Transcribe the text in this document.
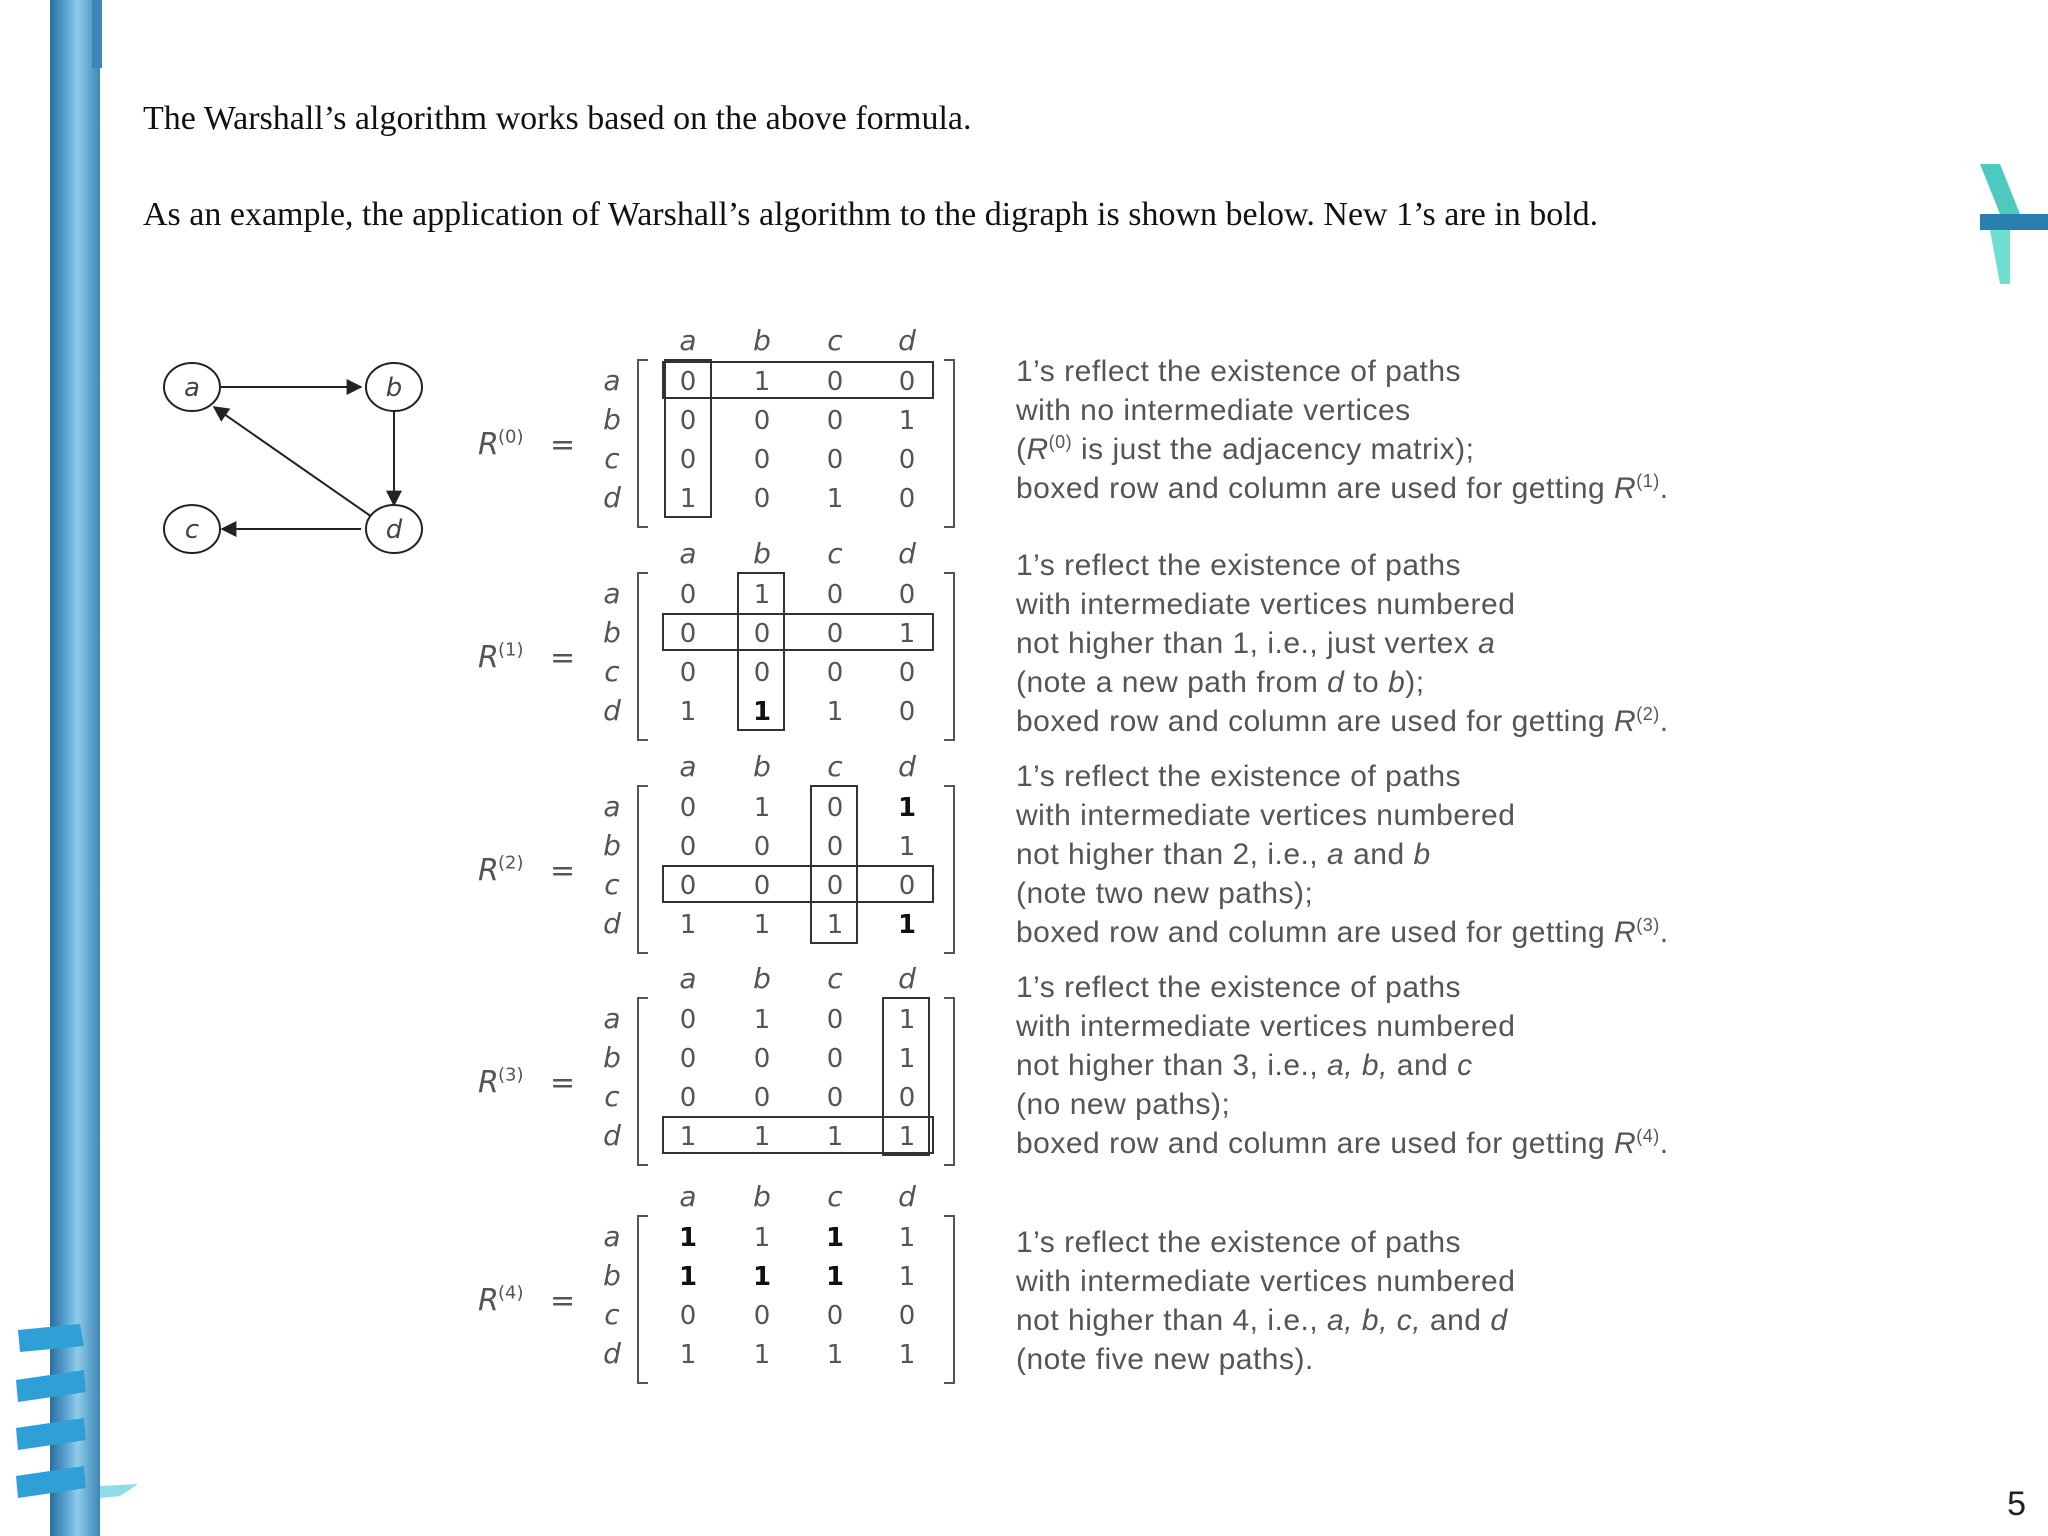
The Warshall’s algorithm works based on the above formula.
As an example, the application of Warshall’s algorithm to the digraph is shown below. New 1’s are in bold.
a	b
c	d
a b c d
a
b
c
d
0 1 0 0
0 0 0 1
0 0 0 0
1 0 1 0
R (0) =
a b c d
a
b
c
d
0 1 0 0
0 0 0 1
0 0 0 0
1 1 1 0
R (1) =
a b c d
a
b
c
d
0 1 0 1
0 0 0 1
0 0 0 0
1 1 1 1
R (2) =
a b c d
a
b
c
d
0 1 0 1
0 0 0 1
0 0 0 0
1 1 1 1
R (3) =
a b c d
a
b
c
d
1 1 1 1
1 1 1 1
0 0 0 0
1 1 1 1
R (4) =
1’s reflect the existence of paths
with no intermediate vertices
($R^{(0)}$ is just the adjacency matrix);
boxed row and column are used for getting $R^{(1)}$.
1’s reflect the existence of paths
with intermediate vertices numbered
not higher than 1, i.e., just vertex a
(note a new path from d to b);
boxed row and column are used for getting $R^{(2)}$.
1’s reflect the existence of paths
with intermediate vertices numbered
not higher than 2, i.e., a and b
(note two new paths);
boxed row and column are used for getting $R^{(3)}$.
1’s reflect the existence of paths
with intermediate vertices numbered
not higher than 3, i.e., a, b, and c
(no new paths);
boxed row and column are used for getting $R^{(4)}$.
1’s reflect the existence of paths
with intermediate vertices numbered
not higher than 4, i.e., a, b, c, and d
(note five new paths).
5
